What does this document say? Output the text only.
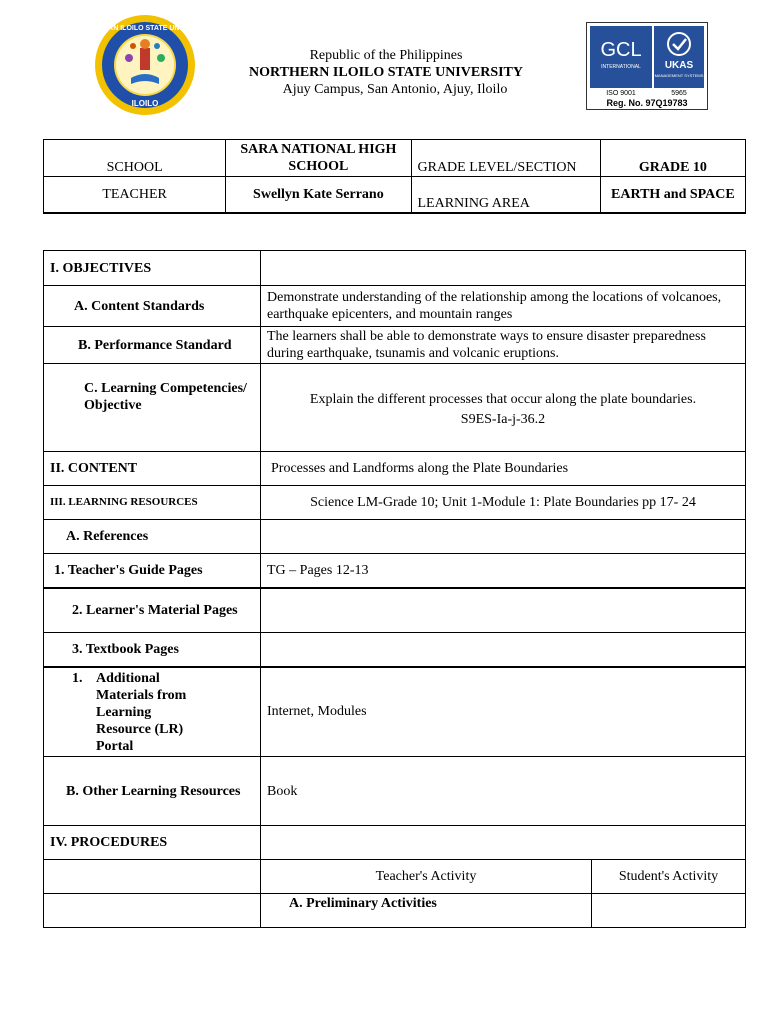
NORTHERN ILOILO STATE UNIVERSITY
ILOILO
Republic of the Philippines
NORTHERN ILOILO STATE UNIVERSITY
Ajuy Campus, San Antonio, Ajuy, Iloilo
GCL
INTERNATIONAL UKAS
MANAGEMENT SYSTEMS
ISO 9001	5965
Reg. No. 97Q19783
SCHOOL	SARA NATIONAL HIGH SCHOOL	GRADE LEVEL/SECTION	GRADE 10
TEACHER	Swellyn Kate Serrano	LEARNING AREA	EARTH and SPACE
I. OBJECTIVES		
A. Content Standards	Demonstrate understanding of the relationship among the locations of volcanoes, earthquake epicenters, and mountain ranges	
B. Performance Standard	The learners shall be able to demonstrate ways to ensure disaster preparedness during earthquake, tsunamis and volcanic eruptions.	
C. Learning Competencies/ Objective	Explain the different processes that occur along the plate boundaries.
S9ES-Ia-j-36.2	

II. CONTENT	Processes and Landforms along the Plate Boundaries	
III. LEARNING RESOURCES	Science LM-Grade 10; Unit 1-Module 1: Plate Boundaries pp 17- 24	
A. References		
1. Teacher's Guide Pages	TG – Pages 12-13	
2. Learner's Material Pages		
3. Textbook Pages		

1. Additional Materials from Learning Resource (LR) Portal	Internet, Modules	
B. Other Learning Resources	Book	
IV. PROCEDURES		
	Teacher's Activity	Student's Activity
	A. Preliminary Activities	
